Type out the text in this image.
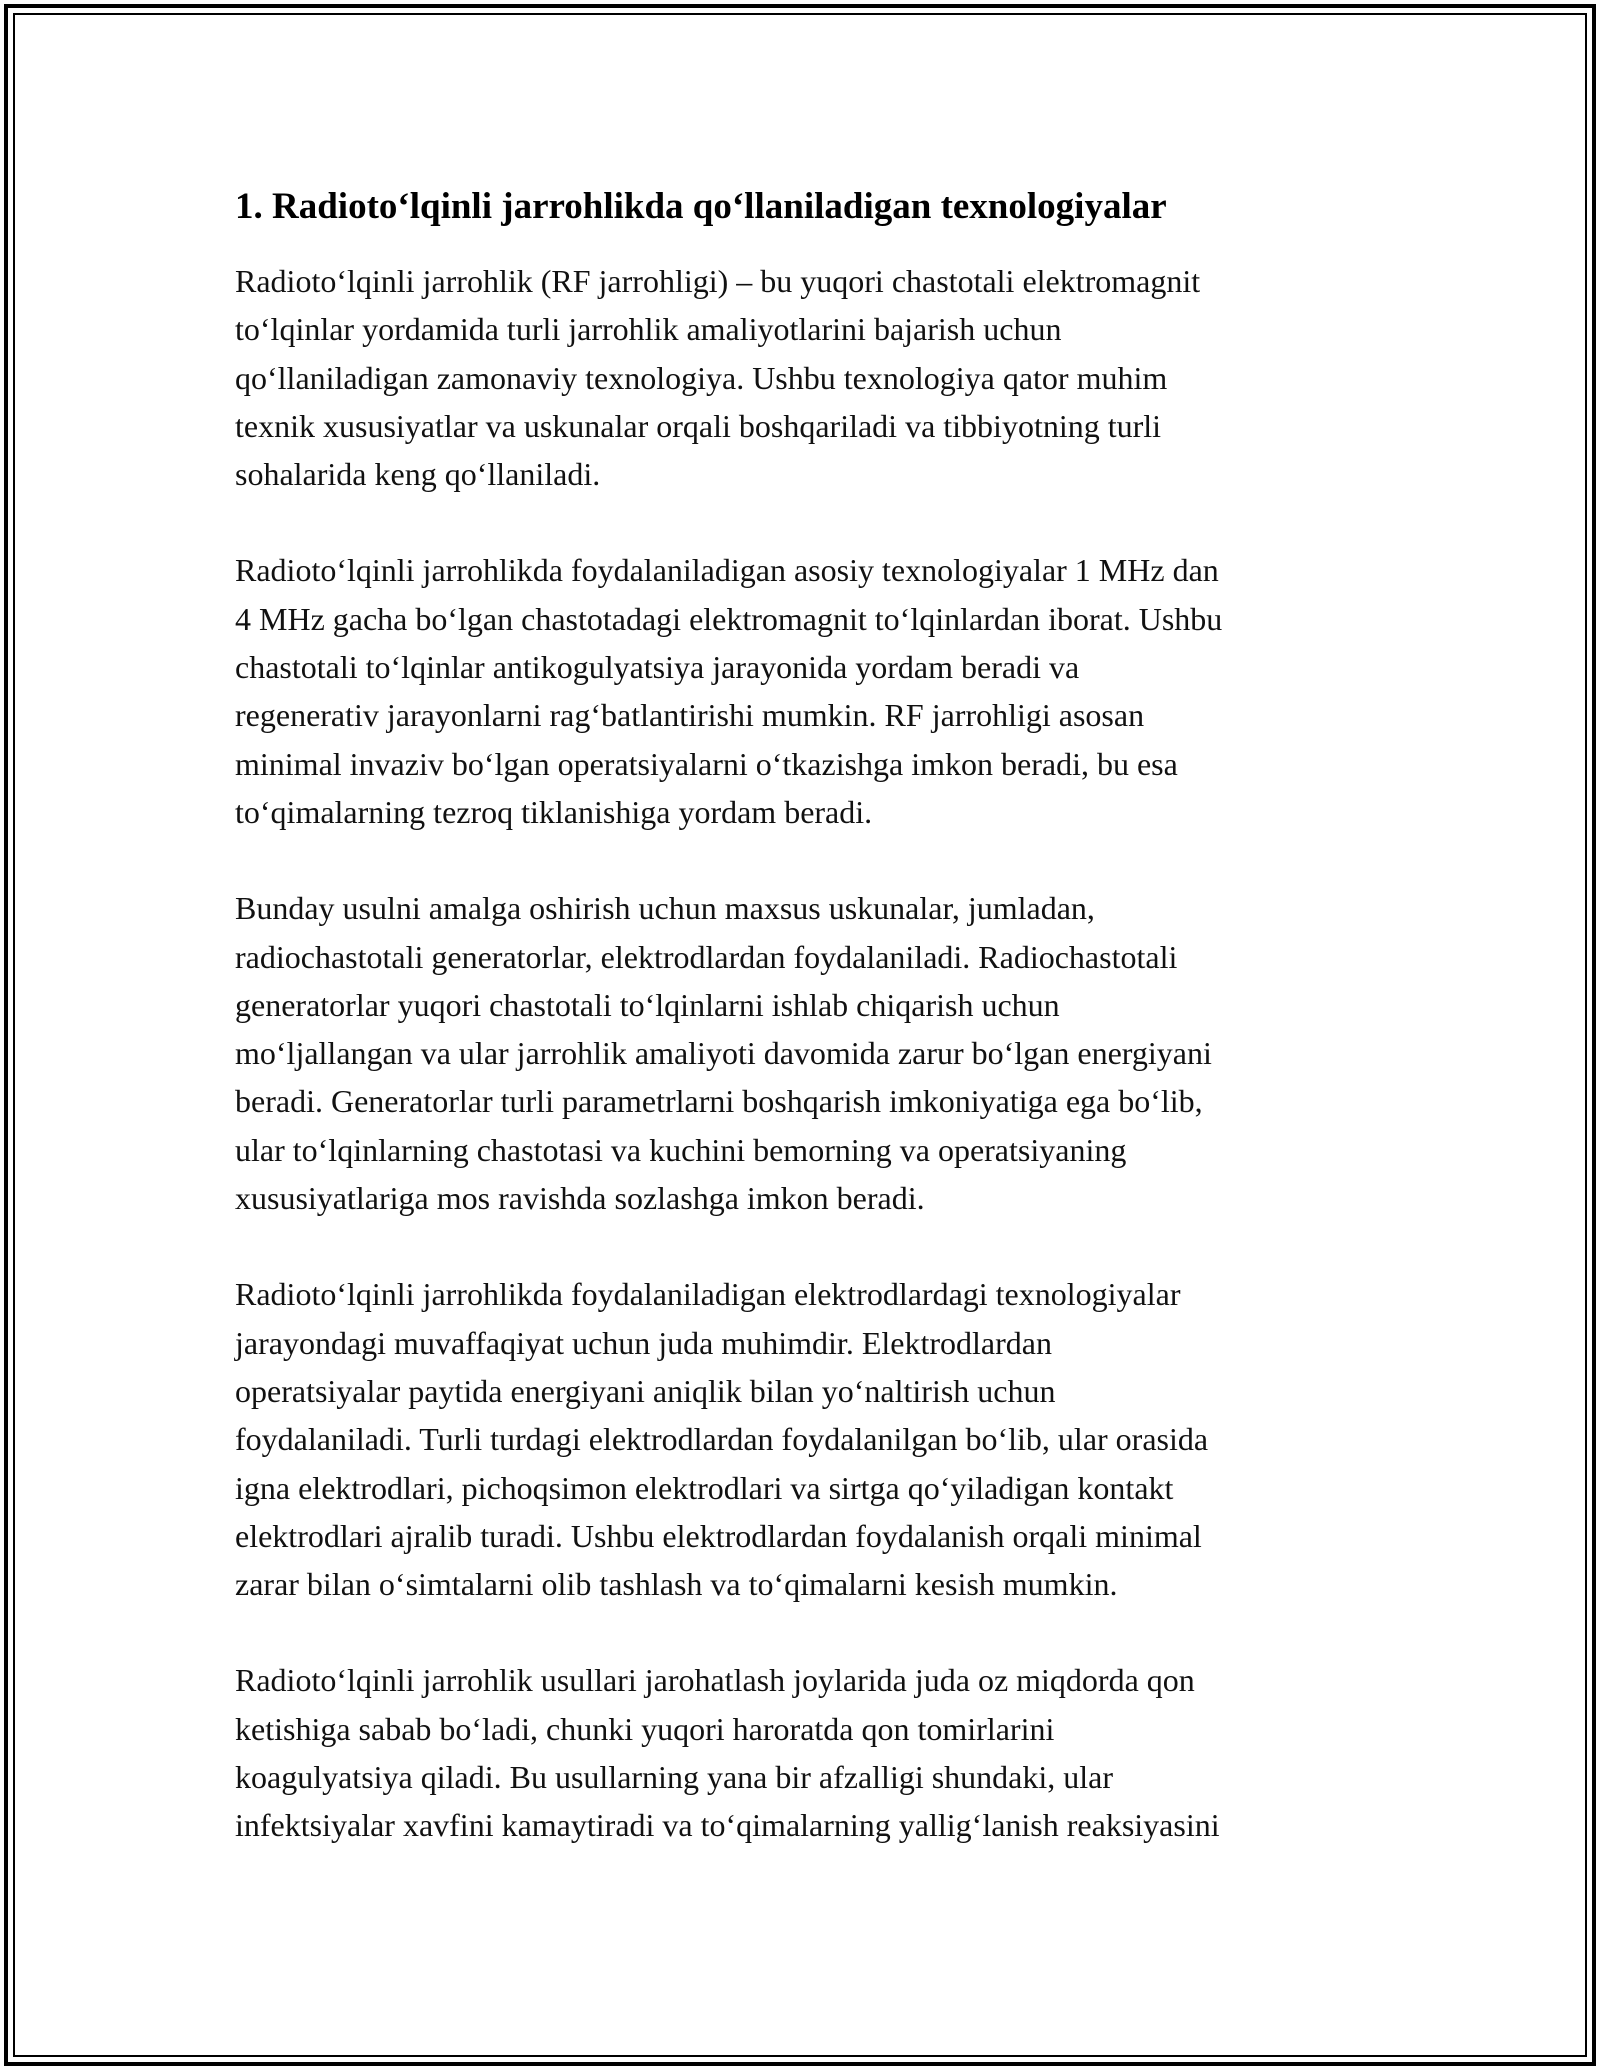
1. Radioto‘lqinli jarrohlikda qo‘llaniladigan texnologiyalar

Radioto‘lqinli jarrohlik (RF jarrohligi) – bu yuqori chastotali elektromagnit
to‘lqinlar yordamida turli jarrohlik amaliyotlarini bajarish uchun
qo‘llaniladigan zamonaviy texnologiya. Ushbu texnologiya qator muhim
texnik xususiyatlar va uskunalar orqali boshqariladi va tibbiyotning turli
sohalarida keng qo‘llaniladi.

Radioto‘lqinli jarrohlikda foydalaniladigan asosiy texnologiyalar 1 MHz dan
4 MHz gacha bo‘lgan chastotadagi elektromagnit to‘lqinlardan iborat. Ushbu
chastotali to‘lqinlar antikogulyatsiya jarayonida yordam beradi va
regenerativ jarayonlarni rag‘batlantirishi mumkin. RF jarrohligi asosan
minimal invaziv bo‘lgan operatsiyalarni o‘tkazishga imkon beradi, bu esa
to‘qimalarning tezroq tiklanishiga yordam beradi.

Bunday usulni amalga oshirish uchun maxsus uskunalar, jumladan,
radiochastotali generatorlar, elektrodlardan foydalaniladi. Radiochastotali
generatorlar yuqori chastotali to‘lqinlarni ishlab chiqarish uchun
mo‘ljallangan va ular jarrohlik amaliyoti davomida zarur bo‘lgan energiyani
beradi. Generatorlar turli parametrlarni boshqarish imkoniyatiga ega bo‘lib,
ular to‘lqinlarning chastotasi va kuchini bemorning va operatsiyaning
xususiyatlariga mos ravishda sozlashga imkon beradi.

Radioto‘lqinli jarrohlikda foydalaniladigan elektrodlardagi texnologiyalar
jarayondagi muvaffaqiyat uchun juda muhimdir. Elektrodlardan
operatsiyalar paytida energiyani aniqlik bilan yo‘naltirish uchun
foydalaniladi. Turli turdagi elektrodlardan foydalanilgan bo‘lib, ular orasida
igna elektrodlari, pichoqsimon elektrodlari va sirtga qo‘yiladigan kontakt
elektrodlari ajralib turadi. Ushbu elektrodlardan foydalanish orqali minimal
zarar bilan o‘simtalarni olib tashlash va to‘qimalarni kesish mumkin.

Radioto‘lqinli jarrohlik usullari jarohatlash joylarida juda oz miqdorda qon
ketishiga sabab bo‘ladi, chunki yuqori haroratda qon tomirlarini
koagulyatsiya qiladi. Bu usullarning yana bir afzalligi shundaki, ular
infektsiyalar xavfini kamaytiradi va to‘qimalarning yallig‘lanish reaksiyasini
